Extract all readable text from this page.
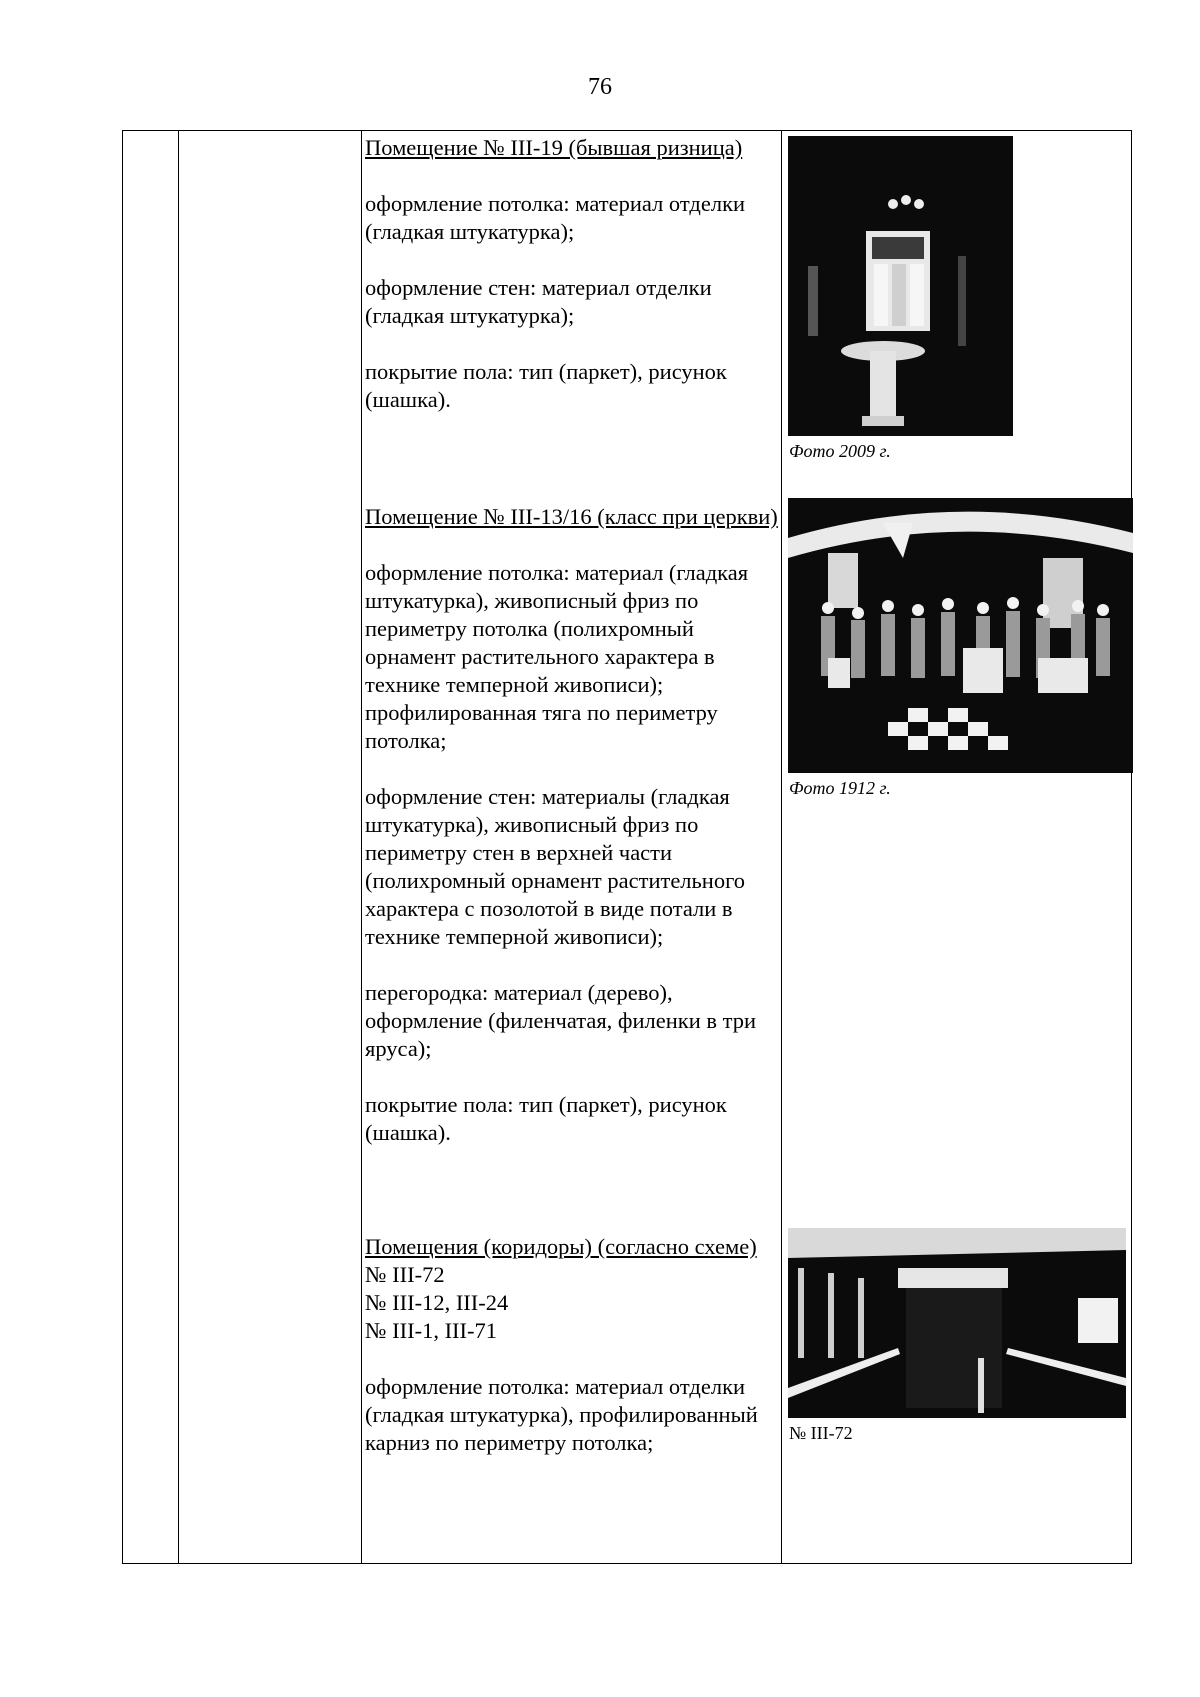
76

Помещение № III-19 (бывшая ризница)

оформление потолка: материал отделки (гладкая штукатурка);

оформление стен: материал отделки (гладкая штукатурка);

покрытие пола: тип (паркет), рисунок (шашка).

Помещение № III-13/16 (класс при церкви)

оформление потолка: материал (гладкая штукатурка), живописный фриз по периметру потолка (полихромный орнамент растительного характера в технике темперной живописи); профилированная тяга по периметру потолка;

оформление стен: материалы (гладкая штукатурка), живописный фриз по периметру стен в верхней части (полихромный орнамент растительного характера с позолотой в виде потали в технике темперной живописи);

перегородка: материал (дерево), оформление (филенчатая, филенки в три яруса);

покрытие пола: тип (паркет), рисунок (шашка).

Помещения (коридоры) (согласно схеме)

№ III-72

№ III-12, III-24

№ III-1, III-71

оформление потолка: материал отделки (гладкая штукатурка), профилированный карниз по периметру потолка;

Фото 2009 г.
Фото 1912 г.
№ III-72
